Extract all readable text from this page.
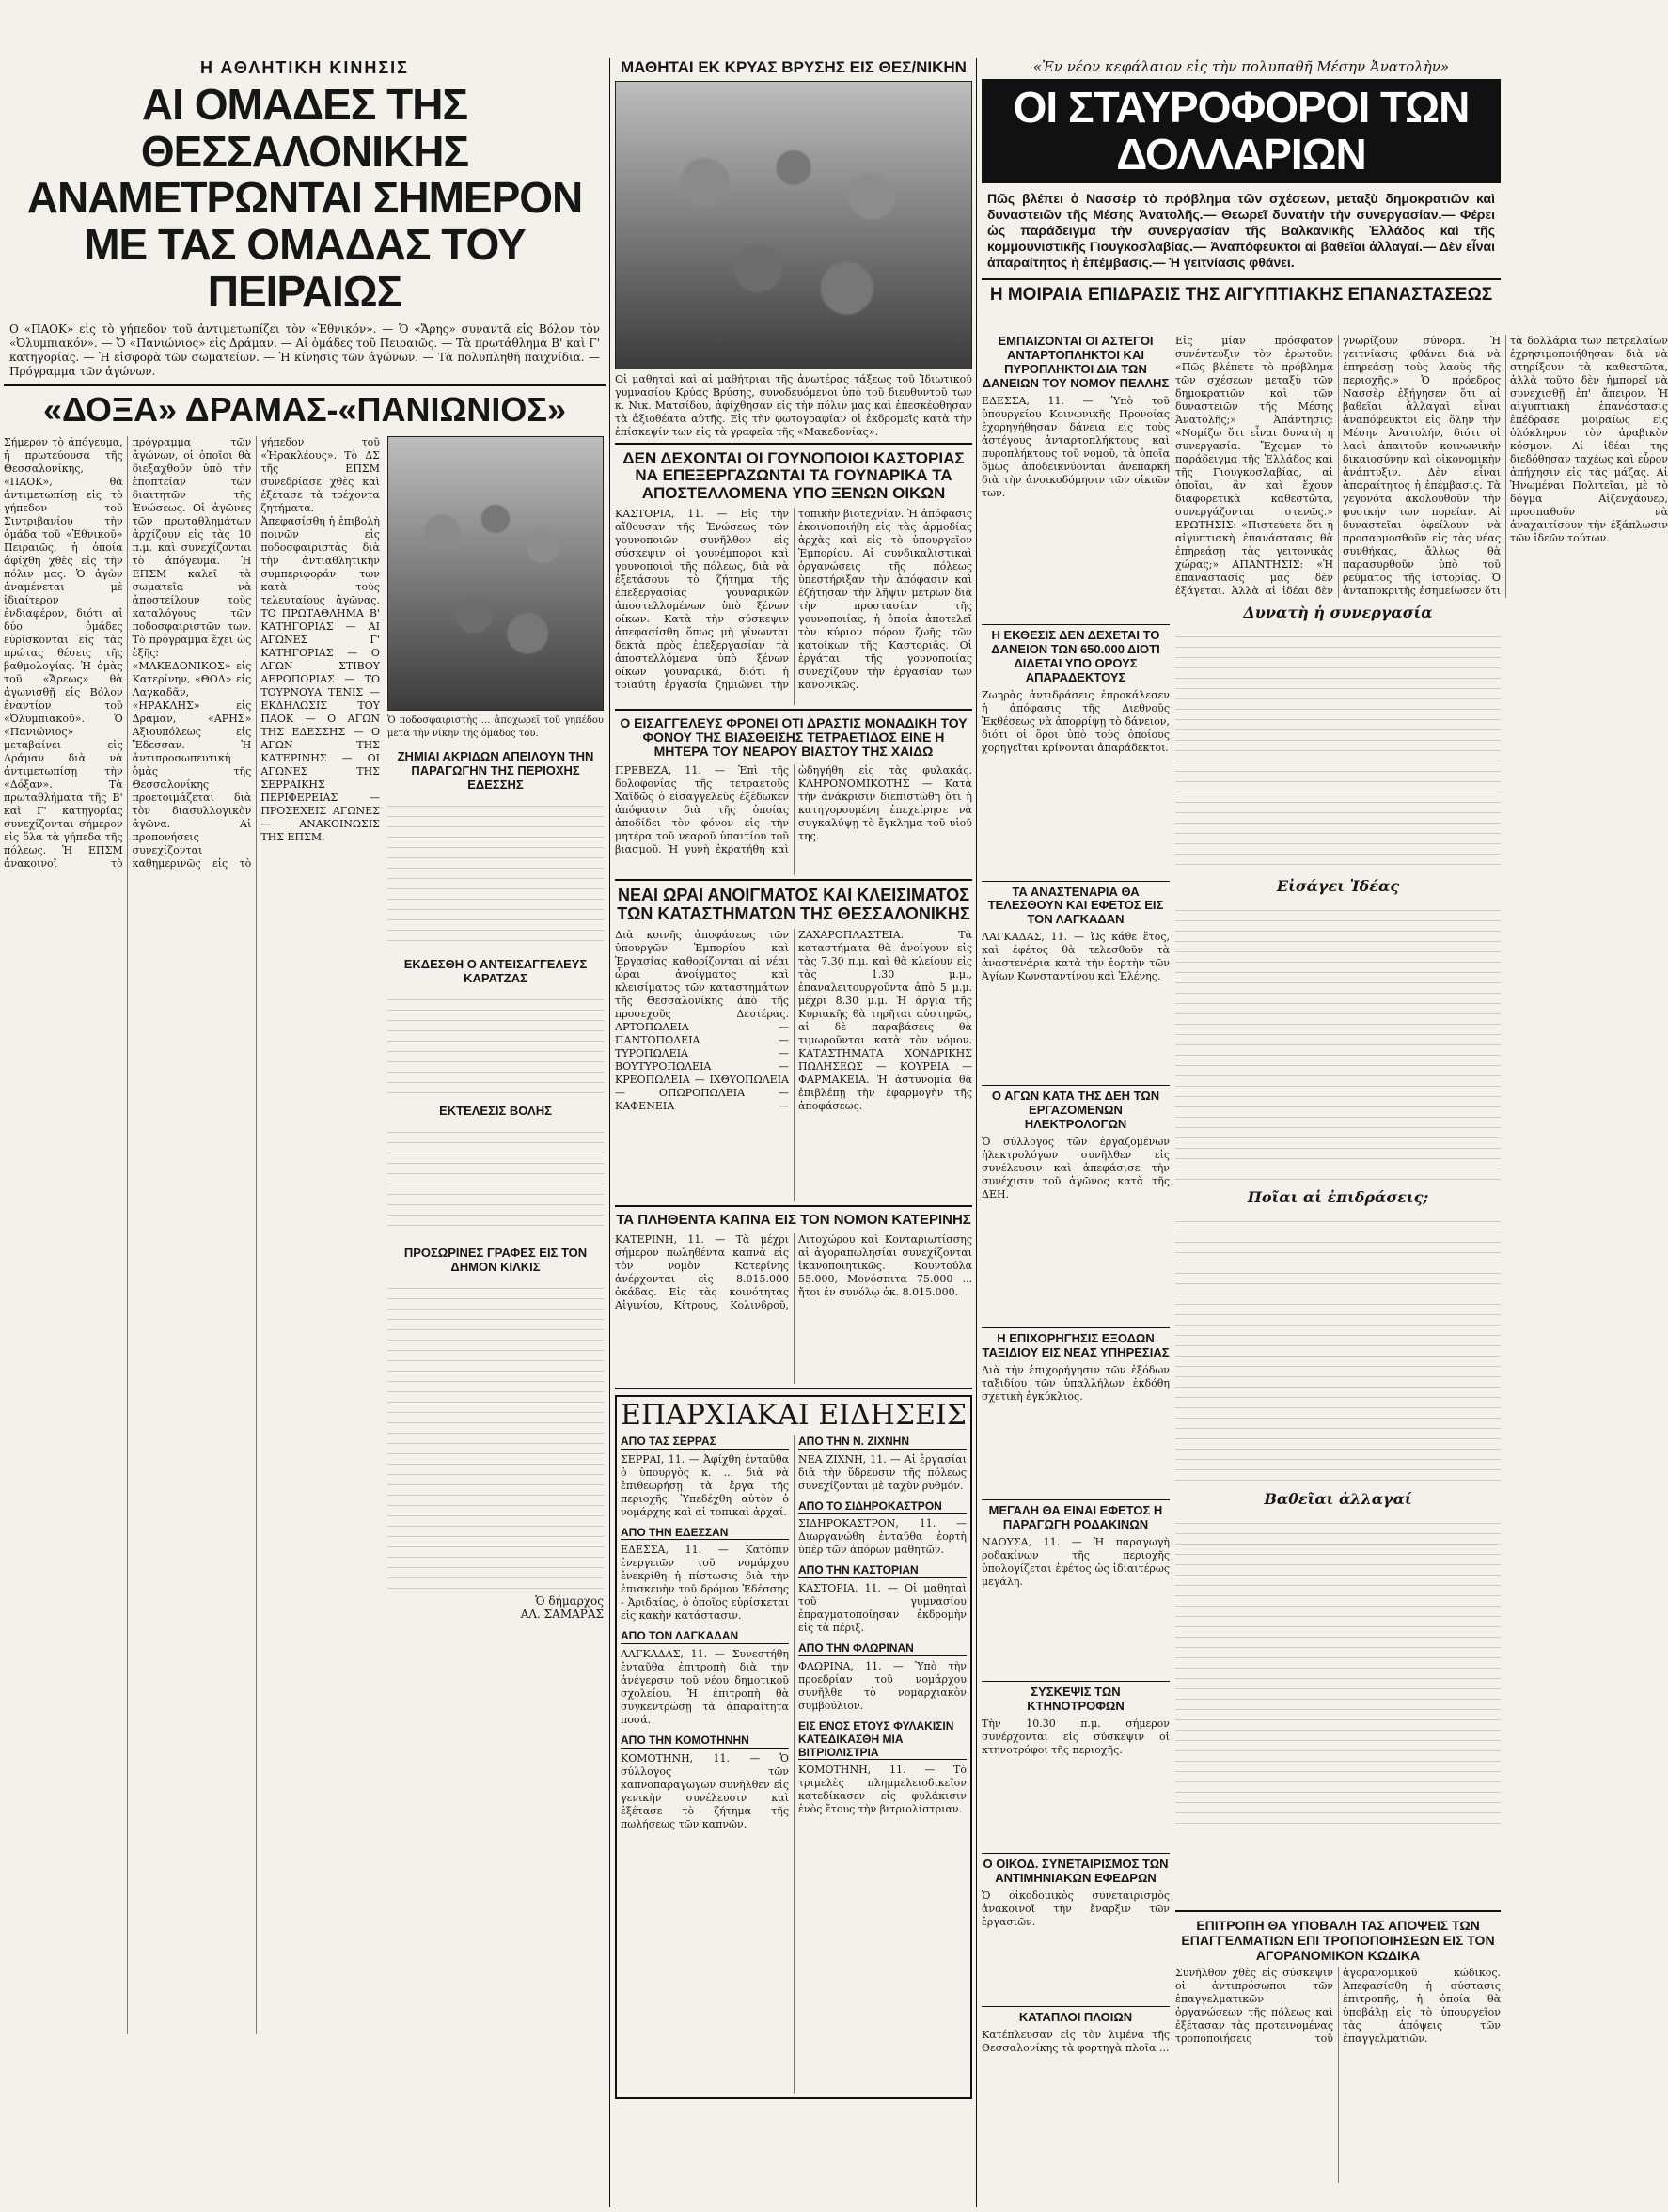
Η ΑΘΛΗΤΙΚΗ ΚΙΝΗΣΙΣ
ΑΙ ΟΜΑΔΕΣ ΤΗΣ ΘΕΣΣΑΛΟΝΙΚΗΣ ΑΝΑΜΕΤΡΩΝΤΑΙ ΣΗΜΕΡΟΝ ΜΕ ΤΑΣ ΟΜΑΔΑΣ ΤΟΥ ΠΕΙΡΑΙΩΣ
Ο «ΠΑΟΚ» εἰς τὸ γήπεδον τοῦ ἀντιμετωπίζει τὸν «Ἐθνικόν». — Ὁ «Ἄρης» συναντᾶ εἰς Βόλον τὸν «Ὀλυμπιακόν». — Ὁ «Πανιώνιος» εἰς Δράμαν. — Αἱ ὁμάδες τοῦ Πειραιῶς. — Τὰ πρωτάθλημα Β' καὶ Γ' κατηγορίας. — Ἡ εἰσφορὰ τῶν σωματείων. — Ἡ κίνησις τῶν ἀγώνων. — Τὰ πολυπληθῆ παιχνίδια. — Πρόγραμμα τῶν ἀγώνων.
«ΔΟΞΑ» ΔΡΑΜΑΣ-«ΠΑΝΙΩΝΙΟΣ»
Σήμερον τὸ ἀπόγευμα, ἡ πρωτεύουσα τῆς Θεσσαλονίκης, «ΠΑΟΚ», θὰ ἀντιμετωπίσῃ εἰς τὸ γήπεδον τοῦ Σιντριβανίου τὴν ὁμάδα τοῦ «Ἐθνικοῦ» Πειραιῶς, ἡ ὁποία ἀφίχθη χθὲς εἰς τὴν πόλιν μας. Ὁ ἀγὼν ἀναμένεται μὲ ἰδιαίτερον ἐνδιαφέρον, διότι αἱ δύο ὁμάδες εὑρίσκονται εἰς τὰς πρώτας θέσεις τῆς βαθμολογίας. Ἡ ὁμὰς τοῦ «Ἄρεως» θὰ ἀγωνισθῇ εἰς Βόλον ἐναντίον τοῦ «Ὀλυμπιακοῦ». Ὁ «Πανιώνιος» μεταβαίνει εἰς Δράμαν διὰ νὰ ἀντιμετωπίσῃ τὴν «Δόξαν». Τὰ πρωταθλήματα τῆς Β' καὶ Γ' κατηγορίας συνεχίζονται σήμερον εἰς ὅλα τὰ γήπεδα τῆς πόλεως. Ἡ ΕΠΣΜ ἀνακοινοῖ τὸ πρόγραμμα τῶν ἀγώνων, οἱ ὁποῖοι θὰ διεξαχθοῦν ὑπὸ τὴν ἐποπτείαν τῶν διαιτητῶν τῆς Ἐνώσεως. Οἱ ἀγῶνες τῶν πρωταθλημάτων ἀρχίζουν εἰς τὰς 10 π.μ. καὶ συνεχίζονται τὸ ἀπόγευμα. Ἡ ΕΠΣΜ καλεῖ τὰ σωματεῖα νὰ ἀποστείλουν τοὺς καταλόγους τῶν ποδοσφαιριστῶν των. Τὸ πρόγραμμα ἔχει ὡς ἑξῆς: «ΜΑΚΕΔΟΝΙΚΟΣ» εἰς Κατερίνην, «ΘΟΔ» εἰς Λαγκαδᾶν, «ΗΡΑΚΛΗΣ» εἰς Δράμαν, «ΑΡΗΣ» Αξιουπόλεως εἰς Ἔδεσσαν. Ἡ ἀντιπροσωπευτικὴ ὁμὰς τῆς Θεσσαλονίκης προετοιμάζεται διὰ τὸν διασυλλογικὸν ἀγῶνα. Αἱ προπονήσεις συνεχίζονται καθημερινῶς εἰς τὸ γήπεδον τοῦ «Ἡρακλέους». Τὸ ΔΣ τῆς ΕΠΣΜ συνεδρίασε χθὲς καὶ ἐξέτασε τὰ τρέχοντα ζητήματα. Ἀπεφασίσθη ἡ ἐπιβολὴ ποινῶν εἰς ποδοσφαιριστὰς διὰ τὴν ἀντιαθλητικὴν συμπεριφοράν των κατὰ τοὺς τελευταίους ἀγῶνας. ΤΟ ΠΡΩΤΑΘΛΗΜΑ Β' ΚΑΤΗΓΟΡΙΑΣ — ΑΙ ΑΓΩΝΕΣ Γ' ΚΑΤΗΓΟΡΙΑΣ — Ο ΑΓΩΝ ΣΤΙΒΟΥ ΑΕΡΟΠΟΡΙΑΣ — ΤΟ ΤΟΥΡΝΟΥΑ ΤΕΝΙΣ — ΕΚΔΗΛΩΣΙΣ ΤΟΥ ΠΑΟΚ — Ο ΑΓΩΝ ΤΗΣ ΕΔΕΣΣΗΣ — Ο ΑΓΩΝ ΤΗΣ ΚΑΤΕΡΙΝΗΣ — ΟΙ ΑΓΩΝΕΣ ΤΗΣ ΣΕΡΡΑΙΚΗΣ ΠΕΡΙΦΕΡΕΙΑΣ — ΠΡΟΣΕΧΕΙΣ ΑΓΩΝΕΣ — ΑΝΑΚΟΙΝΩΣΙΣ ΤΗΣ ΕΠΣΜ.
Ὁ ποδοσφαιριστὴς ... ἀποχωρεῖ τοῦ γηπέδου μετὰ τὴν νίκην τῆς ὁμάδος του.
ΖΗΜΙΑΙ ΑΚΡΙΔΩΝ ΑΠΕΙΛΟΥΝ ΤΗΝ ΠΑΡΑΓΩΓΗΝ ΤΗΣ ΠΕΡΙΟΧΗΣ ΕΔΕΣΣΗΣ
ΕΚΔΕΣΘΗ Ο ΑΝΤΕΙΣΑΓΓΕΛΕΥΣ ΚΑΡΑΤΖΑΣ
ΕΚΤΕΛΕΣΙΣ ΒΟΛΗΣ
ΠΡΟΣΩΡΙΝΕΣ ΓΡΑΦΕΣ ΕΙΣ ΤΟΝ ΔΗΜΟΝ ΚΙΛΚΙΣ
Ὁ δήμαρχος
ΑΛ. ΣΑΜΑΡΑΣ
ΜΑΘΗΤΑΙ ΕΚ ΚΡΥΑΣ ΒΡΥΣΗΣ ΕΙΣ ΘΕΣ/ΝΙΚΗΝ
Οἱ μαθηταὶ καὶ αἱ μαθήτριαι τῆς ἀνωτέρας τάξεως τοῦ Ἰδιωτικοῦ γυμνασίου Κρύας Βρύσης, συνοδευόμενοι ὑπὸ τοῦ διευθυντοῦ των κ. Νικ. Ματσίδου, ἀφίχθησαν εἰς τὴν πόλιν μας καὶ ἐπεσκέφθησαν τὰ ἀξιοθέατα αὐτῆς. Εἰς τὴν φωτογραφίαν οἱ ἐκδρομεῖς κατὰ τὴν ἐπίσκεψίν των εἰς τὰ γραφεῖα τῆς «Μακεδονίας».
ΔΕΝ ΔΕΧΟΝΤΑΙ ΟΙ ΓΟΥΝΟΠΟΙΟΙ ΚΑΣΤΟΡΙΑΣ ΝΑ ΕΠΕΞΕΡΓΑΖΩΝΤΑΙ ΤΑ ΓΟΥΝΑΡΙΚΑ ΤΑ ΑΠΟΣΤΕΛΛΟΜΕΝΑ ΥΠΟ ΞΕΝΩΝ ΟΙΚΩΝ
ΚΑΣΤΟΡΙΑ, 11. — Εἰς τὴν αἴθουσαν τῆς Ἑνώσεως τῶν γουνοποιῶν συνῆλθον εἰς σύσκεψιν οἱ γουνέμποροι καὶ γουνοποιοὶ τῆς πόλεως, διὰ νὰ ἐξετάσουν τὸ ζήτημα τῆς ἐπεξεργασίας γουναρικῶν ἀποστελλομένων ὑπὸ ξένων οἴκων. Κατὰ τὴν σύσκεψιν ἀπεφασίσθη ὅπως μὴ γίνωνται δεκτὰ πρὸς ἐπεξεργασίαν τὰ ἀποστελλόμενα ὑπὸ ξένων οἴκων γουναρικά, διότι ἡ τοιαύτη ἐργασία ζημιώνει τὴν τοπικὴν βιοτεχνίαν. Ἡ ἀπόφασις ἐκοινοποιήθη εἰς τὰς ἁρμοδίας ἀρχὰς καὶ εἰς τὸ ὑπουργεῖον Ἐμπορίου. Αἱ συνδικαλιστικαὶ ὀργανώσεις τῆς πόλεως ὑπεστήριξαν τὴν ἀπόφασιν καὶ ἐζήτησαν τὴν λῆψιν μέτρων διὰ τὴν προστασίαν τῆς γουνοποιίας, ἡ ὁποία ἀποτελεῖ τὸν κύριον πόρον ζωῆς τῶν κατοίκων τῆς Καστοριᾶς. Οἱ ἐργάται τῆς γουνοποιίας συνεχίζουν τὴν ἐργασίαν των κανονικῶς.
Ο ΕΙΣΑΓΓΕΛΕΥΣ ΦΡΟΝΕΙ ΟΤΙ ΔΡΑΣΤΙΣ ΜΟΝΑΔΙΚΗ ΤΟΥ ΦΟΝΟΥ ΤΗΣ ΒΙΑΣΘΕΙΣΗΣ ΤΕΤΡΑΕΤΙΔΟΣ ΕΙΝΕ Η ΜΗΤΕΡΑ ΤΟΥ ΝΕΑΡΟΥ ΒΙΑΣΤΟΥ ΤΗΣ ΧΑΙΔΩ
ΠΡΕΒΕΖΑ, 11. — Ἐπὶ τῆς δολοφονίας τῆς τετραετοῦς Χαϊδῶς ὁ εἰσαγγελεὺς ἐξέδωκεν ἀπόφασιν διὰ τῆς ὁποίας ἀποδίδει τὸν φόνον εἰς τὴν μητέρα τοῦ νεαροῦ ὑπαιτίου τοῦ βιασμοῦ. Ἡ γυνὴ ἐκρατήθη καὶ ὡδηγήθη εἰς τὰς φυλακάς. ΚΛΗΡΟΝΟΜΙΚΟΤΗΣ — Κατὰ τὴν ἀνάκρισιν διεπιστώθη ὅτι ἡ κατηγορουμένη ἐπεχείρησε νὰ συγκαλύψῃ τὸ ἔγκλημα τοῦ υἱοῦ της.
ΝΕΑΙ ΩΡΑΙ ΑΝΟΙΓΜΑΤΟΣ ΚΑΙ ΚΛΕΙΣΙΜΑΤΟΣ ΤΩΝ ΚΑΤΑΣΤΗΜΑΤΩΝ ΤΗΣ ΘΕΣΣΑΛΟΝΙΚΗΣ
Διὰ κοινῆς ἀποφάσεως τῶν ὑπουργῶν Ἐμπορίου καὶ Ἐργασίας καθορίζονται αἱ νέαι ὧραι ἀνοίγματος καὶ κλεισίματος τῶν καταστημάτων τῆς Θεσσαλονίκης ἀπὸ τῆς προσεχοῦς Δευτέρας. ΑΡΤΟΠΩΛΕΙΑ — ΠΑΝΤΟΠΩΛΕΙΑ — ΤΥΡΟΠΩΛΕΙΑ — ΒΟΥΤΥΡΟΠΩΛΕΙΑ — ΚΡΕΟΠΩΛΕΙΑ — ΙΧΘΥΟΠΩΛΕΙΑ — ΟΠΩΡΟΠΩΛΕΙΑ — ΚΑΦΕΝΕΙΑ — ΖΑΧΑΡΟΠΛΑΣΤΕΙΑ. Τὰ καταστήματα θὰ ἀνοίγουν εἰς τὰς 7.30 π.μ. καὶ θὰ κλείουν εἰς τὰς 1.30 μ.μ., ἐπαναλειτουργοῦντα ἀπὸ 5 μ.μ. μέχρι 8.30 μ.μ. Ἡ ἀργία τῆς Κυριακῆς θὰ τηρῆται αὐστηρῶς, αἱ δὲ παραβάσεις θὰ τιμωροῦνται κατὰ τὸν νόμον. ΚΑΤΑΣΤΗΜΑΤΑ ΧΟΝΔΡΙΚΗΣ ΠΩΛΗΣΕΩΣ — ΚΟΥΡΕΙΑ — ΦΑΡΜΑΚΕΙΑ. Ἡ ἀστυνομία θὰ ἐπιβλέπῃ τὴν ἐφαρμογὴν τῆς ἀποφάσεως.
ΤΑ ΠΛΗΘΕΝΤΑ ΚΑΠΝΑ ΕΙΣ ΤΟΝ ΝΟΜΟΝ ΚΑΤΕΡΙΝΗΣ
ΚΑΤΕΡΙΝΗ, 11. — Τὰ μέχρι σήμερον πωληθέντα καπνὰ εἰς τὸν νομὸν Κατερίνης ἀνέρχονται εἰς 8.015.000 ὀκάδας. Εἰς τὰς κοινότητας Αἰγινίου, Κίτρους, Κολινδροῦ, Λιτοχώρου καὶ Κονταριωτίσσης αἱ ἀγοραπωλησίαι συνεχίζονται ἱκανοποιητικῶς. Κουντούλα 55.000, Μονόσπιτα 75.000 ... ἤτοι ἐν συνόλῳ ὀκ. 8.015.000.
ΕΠΑΡΧΙΑΚΑΙ ΕΙΔΗΣΕΙΣ
ΑΠΟ ΤΑΣ ΣΕΡΡΑΣ
ΣΕΡΡΑΙ, 11. — Ἀφίχθη ἐνταῦθα ὁ ὑπουργὸς κ. ... διὰ νὰ ἐπιθεωρήσῃ τὰ ἔργα τῆς περιοχῆς. Ὑπεδέχθη αὐτὸν ὁ νομάρχης καὶ αἱ τοπικαὶ ἀρχαί.
ΑΠΟ ΤΗΝ ΕΔΕΣΣΑΝ
ΕΔΕΣΣΑ, 11. — Κατόπιν ἐνεργειῶν τοῦ νομάρχου ἐνεκρίθη ἡ πίστωσις διὰ τὴν ἐπισκευὴν τοῦ δρόμου Ἐδέσσης - Ἀριδαίας, ὁ ὁποῖος εὑρίσκεται εἰς κακὴν κατάστασιν.
ΑΠΟ ΤΟΝ ΛΑΓΚΑΔΑΝ
ΛΑΓΚΑΔΑΣ, 11. — Συνεστήθη ἐνταῦθα ἐπιτροπὴ διὰ τὴν ἀνέγερσιν τοῦ νέου δημοτικοῦ σχολείου. Ἡ ἐπιτροπὴ θὰ συγκεντρώσῃ τὰ ἀπαραίτητα ποσά.
ΑΠΟ ΤΗΝ ΚΟΜΟΤΗΝΗΝ
ΚΟΜΟΤΗΝΗ, 11. — Ὁ σύλλογος τῶν καπνοπαραγωγῶν συνῆλθεν εἰς γενικὴν συνέλευσιν καὶ ἐξέτασε τὸ ζήτημα τῆς πωλήσεως τῶν καπνῶν.
ΑΠΟ ΤΗΝ Ν. ΖΙΧΝΗΝ
ΝΕΑ ΖΙΧΝΗ, 11. — Αἱ ἐργασίαι διὰ τὴν ὕδρευσιν τῆς πόλεως συνεχίζονται μὲ ταχὺν ρυθμόν.
ΑΠΟ ΤΟ ΣΙΔΗΡΟΚΑΣΤΡΟΝ
ΣΙΔΗΡΟΚΑΣΤΡΟΝ, 11. — Διωργανώθη ἐνταῦθα ἑορτὴ ὑπὲρ τῶν ἀπόρων μαθητῶν.
ΑΠΟ ΤΗΝ ΚΑΣΤΟΡΙΑΝ
ΚΑΣΤΟΡΙΑ, 11. — Οἱ μαθηταὶ τοῦ γυμνασίου ἐπραγματοποίησαν ἐκδρομὴν εἰς τὰ πέριξ.
ΑΠΟ ΤΗΝ ΦΛΩΡΙΝΑΝ
ΦΛΩΡΙΝΑ, 11. — Ὑπὸ τὴν προεδρίαν τοῦ νομάρχου συνῆλθε τὸ νομαρχιακὸν συμβούλιον.
ΕΙΣ ΕΝΟΣ ΕΤΟΥΣ ΦΥΛΑΚΙΣΙΝ ΚΑΤΕΔΙΚΑΣΘΗ ΜΙΑ ΒΙΤΡΙΟΛΙΣΤΡΙΑ
ΚΟΜΟΤΗΝΗ, 11. — Τὸ τριμελὲς πλημμελειοδικεῖον κατεδίκασεν εἰς φυλάκισιν ἑνὸς ἔτους τὴν βιτριολίστριαν.
ΕΜΠΑΙΖΟΝΤΑΙ ΟΙ ΑΣΤΕΓΟΙ ΑΝΤΑΡΤΟΠΛΗΚΤΟΙ ΚΑΙ ΠΥΡΟΠΛΗΚΤΟΙ ΔΙΑ ΤΩΝ ΔΑΝΕΙΩΝ ΤΟΥ ΝΟΜΟΥ ΠΕΛΛΗΣ
ΕΔΕΣΣΑ, 11. — Ὑπὸ τοῦ ὑπουργείου Κοινωνικῆς Προνοίας ἐχορηγήθησαν δάνεια εἰς τοὺς ἀστέγους ἀνταρτοπλήκτους καὶ πυροπλήκτους τοῦ νομοῦ, τὰ ὁποῖα ὅμως ἀποδεικνύονται ἀνεπαρκῆ διὰ τὴν ἀνοικοδόμησιν τῶν οἰκιῶν των.
Η ΕΚΘΕΣΙΣ ΔΕΝ ΔΕΧΕΤΑΙ ΤΟ ΔΑΝΕΙΟΝ ΤΩΝ 650.000 ΔΙΟΤΙ ΔΙΔΕΤΑΙ ΥΠΟ ΟΡΟΥΣ ΑΠΑΡΑΔΕΚΤΟΥΣ
Ζωηρὰς ἀντιδράσεις ἐπροκάλεσεν ἡ ἀπόφασις τῆς Διεθνοῦς Ἐκθέσεως νὰ ἀπορρίψῃ τὸ δάνειον, διότι οἱ ὅροι ὑπὸ τοὺς ὁποίους χορηγεῖται κρίνονται ἀπαράδεκτοι.
ΤΑ ΑΝΑΣΤΕΝΑΡΙΑ ΘΑ ΤΕΛΕΣΘΟΥΝ ΚΑΙ ΕΦΕΤΟΣ ΕΙΣ ΤΟΝ ΛΑΓΚΑΔΑΝ
ΛΑΓΚΑΔΑΣ, 11. — Ὡς κάθε ἔτος, καὶ ἐφέτος θὰ τελεσθοῦν τὰ ἀναστενάρια κατὰ τὴν ἑορτὴν τῶν Ἁγίων Κωνσταντίνου καὶ Ἑλένης.
Ο ΑΓΩΝ ΚΑΤΑ ΤΗΣ ΔΕΗ ΤΩΝ ΕΡΓΑΖΟΜΕΝΩΝ ΗΛΕΚΤΡΟΛΟΓΩΝ
Ὁ σύλλογος τῶν ἐργαζομένων ἠλεκτρολόγων συνῆλθεν εἰς συνέλευσιν καὶ ἀπεφάσισε τὴν συνέχισιν τοῦ ἀγῶνος κατὰ τῆς ΔΕΗ.
Η ΕΠΙΧΟΡΗΓΗΣΙΣ ΕΞΟΔΩΝ ΤΑΞΙΔΙΟΥ ΕΙΣ ΝΕΑΣ ΥΠΗΡΕΣΙΑΣ
Διὰ τὴν ἐπιχορήγησιν τῶν ἐξόδων ταξιδίου τῶν ὑπαλλήλων ἐκδόθη σχετικὴ ἐγκύκλιος.
ΜΕΓΑΛΗ ΘΑ ΕΙΝΑΙ ΕΦΕΤΟΣ Η ΠΑΡΑΓΩΓΗ ΡΟΔΑΚΙΝΩΝ
ΝΑΟΥΣΑ, 11. — Ἡ παραγωγὴ ροδακίνων τῆς περιοχῆς ὑπολογίζεται ἐφέτος ὡς ἰδιαιτέρως μεγάλη.
ΣΥΣΚΕΨΙΣ ΤΩΝ ΚΤΗΝΟΤΡΟΦΩΝ
Τὴν 10.30 π.μ. σήμερον συνέρχονται εἰς σύσκεψιν οἱ κτηνοτρόφοι τῆς περιοχῆς.
Ο ΟΙΚΟΔ. ΣΥΝΕΤΑΙΡΙΣΜΟΣ ΤΩΝ ΑΝΤΙΜΗΝΙΑΚΩΝ ΕΦΕΔΡΩΝ
Ὁ οἰκοδομικὸς συνεταιρισμὸς ἀνακοινοῖ τὴν ἔναρξιν τῶν ἐργασιῶν.
ΚΑΤΑΠΛΟΙ ΠΛΟΙΩΝ
Κατέπλευσαν εἰς τὸν λιμένα τῆς Θεσσαλονίκης τὰ φορτηγὰ πλοῖα ...
«Ἐν νέον κεφάλαιον εἰς τὴν πολυπαθῆ Μέσην Ἀνατολὴν»
ΟΙ ΣΤΑΥΡΟΦΟΡΟΙ ΤΩΝ ΔΟΛΛΑΡΙΩΝ
Πῶς βλέπει ὁ Νασσὲρ τὸ πρόβλημα τῶν σχέσεων, μεταξὺ δημοκρατιῶν καὶ δυναστειῶν τῆς Μέσης Ἀνατολῆς.— Θεωρεῖ δυνατὴν τὴν συνεργασίαν.— Φέρει ὡς παράδειγμα τὴν συνεργασίαν τῆς Βαλκανικῆς Ἑλλάδος καὶ τῆς κομμουνιστικῆς Γιουγκοσλαβίας.— Ἀναπόφευκτοι αἱ βαθεῖαι ἀλλαγαί.— Δὲν εἶναι ἀπαραίτητος ἡ ἐπέμβασις.— Ἡ γειτνίασις φθάνει.
Η ΜΟΙΡΑΙΑ ΕΠΙΔΡΑΣΙΣ ΤΗΣ ΑΙΓΥΠΤΙΑΚΗΣ ΕΠΑΝΑΣΤΑΣΕΩΣ
Εἰς μίαν πρόσφατον συνέντευξιν τὸν ἐρωτοῦν: «Πῶς βλέπετε τὸ πρόβλημα τῶν σχέσεων μεταξὺ τῶν δημοκρατιῶν καὶ τῶν δυναστειῶν τῆς Μέσης Ἀνατολῆς;» Ἀπάντησις: «Νομίζω ὅτι εἶναι δυνατὴ ἡ συνεργασία. Ἔχομεν τὸ παράδειγμα τῆς Ἑλλάδος καὶ τῆς Γιουγκοσλαβίας, αἱ ὁποῖαι, ἂν καὶ ἔχουν διαφορετικὰ καθεστῶτα, συνεργάζονται στενῶς.» ΕΡΩΤΗΣΙΣ: «Πιστεύετε ὅτι ἡ αἰγυπτιακὴ ἐπανάστασις θὰ ἐπηρεάσῃ τὰς γειτονικὰς χώρας;» ΑΠΑΝΤΗΣΙΣ: «Ἡ ἐπανάστασίς μας δὲν ἐξάγεται. Ἀλλὰ αἱ ἰδέαι δὲν γνωρίζουν σύνορα. Ἡ γειτνίασις φθάνει διὰ νὰ ἐπηρεάσῃ τοὺς λαοὺς τῆς περιοχῆς.» Ὁ πρόεδρος Νασσὲρ ἐξήγησεν ὅτι αἱ βαθεῖαι ἀλλαγαὶ εἶναι ἀναπόφευκτοι εἰς ὅλην τὴν Μέσην Ἀνατολήν, διότι οἱ λαοὶ ἀπαιτοῦν κοινωνικὴν δικαιοσύνην καὶ οἰκονομικὴν ἀνάπτυξιν. Δὲν εἶναι ἀπαραίτητος ἡ ἐπέμβασις. Τὰ γεγονότα ἀκολουθοῦν τὴν φυσικήν των πορείαν. Αἱ δυναστεῖαι ὀφείλουν νὰ προσαρμοσθοῦν εἰς τὰς νέας συνθήκας, ἄλλως θὰ παρασυρθοῦν ὑπὸ τοῦ ρεύματος τῆς ἱστορίας. Ὁ ἀνταποκριτὴς ἐσημείωσεν ὅτι τὰ δολλάρια τῶν πετρελαίων ἐχρησιμοποιήθησαν διὰ νὰ στηρίξουν τὰ καθεστῶτα, ἀλλὰ τοῦτο δὲν ἠμπορεῖ νὰ συνεχισθῇ ἐπ' ἄπειρον. Ἡ αἰγυπτιακὴ ἐπανάστασις ἐπέδρασε μοιραίως εἰς ὁλόκληρον τὸν ἀραβικὸν κόσμον. Αἱ ἰδέαι της διεδόθησαν ταχέως καὶ εὗρον ἀπήχησιν εἰς τὰς μάζας. Αἱ Ἡνωμέναι Πολιτεῖαι, μὲ τὸ δόγμα Αἰζενχάουερ, προσπαθοῦν νὰ ἀναχαιτίσουν τὴν ἐξάπλωσιν τῶν ἰδεῶν τούτων.
Δυνατὴ ἡ συνεργασία
Εἰσάγει Ἰδέας
Ποῖαι αἱ ἐπιδράσεις;
Βαθεῖαι ἀλλαγαί
ΕΠΙΤΡΟΠΗ ΘΑ ΥΠΟΒΑΛΗ ΤΑΣ ΑΠΟΨΕΙΣ ΤΩΝ ΕΠΑΓΓΕΛΜΑΤΙΩΝ ΕΠΙ ΤΡΟΠΟΠΟΙΗΣΕΩΝ ΕΙΣ ΤΟΝ ΑΓΟΡΑΝΟΜΙΚΟΝ ΚΩΔΙΚΑ
Συνῆλθον χθὲς εἰς σύσκεψιν οἱ ἀντιπρόσωποι τῶν ἐπαγγελματικῶν ὀργανώσεων τῆς πόλεως καὶ ἐξέτασαν τὰς προτεινομένας τροποποιήσεις τοῦ ἀγορανομικοῦ κώδικος. Ἀπεφασίσθη ἡ σύστασις ἐπιτροπῆς, ἡ ὁποία θὰ ὑποβάλῃ εἰς τὸ ὑπουργεῖον τὰς ἀπόψεις τῶν ἐπαγγελματιῶν.
